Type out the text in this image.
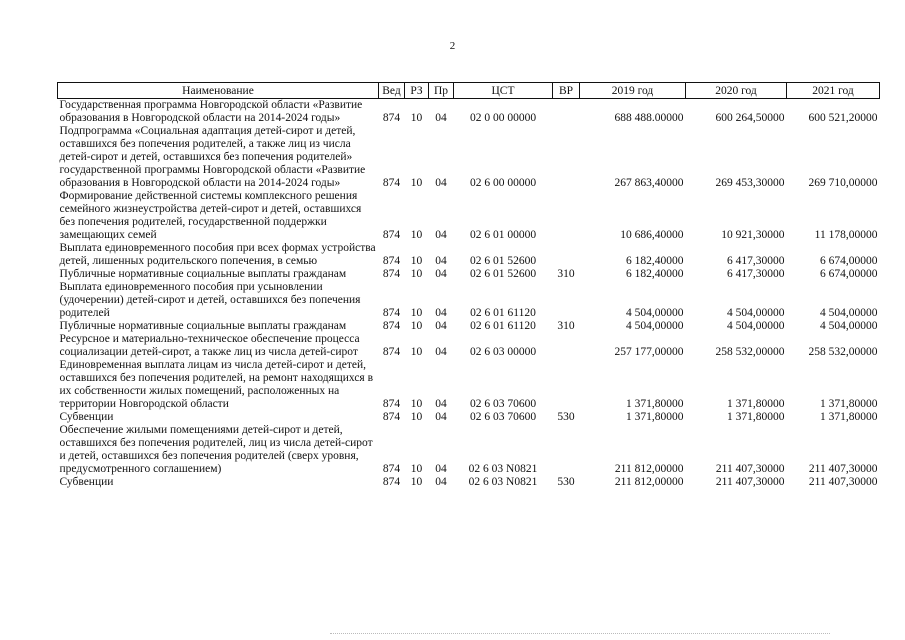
2
Наименование	Вед	РЗ	Пр	ЦСТ	ВР	2019 год	2020 год	2021 год
Государственная программа Новгородской области «Развитие образования в Новгородской области на 2014-2024 годы»	874	10	04	02 0 00 00000		688 488.00000	600 264,50000	600 521,20000
Подпрограмма «Социальная адаптация детей-сирот и детей, оставшихся без попечения родителей, а также лиц из числа детей-сирот и детей, оставшихся без попечения родителей» государственной программы Новгородской области «Развитие образования в Новгородской области на 2014-2024 годы»	874	10	04	02 6 00 00000		267 863,40000	269 453,30000	269 710,00000
Формирование действенной системы комплексного решения семейного жизнеустройства детей-сирот и детей, оставшихся без попечения родителей, государственной поддержки замещающих семей	874	10	04	02 6 01 00000		10 686,40000	10 921,30000	11 178,00000
Выплата единовременного пособия при всех формах устройства детей, лишенных родительского попечения, в семью	874	10	04	02 6 01 52600		6 182,40000	6 417,30000	6 674,00000
Публичные нормативные социальные выплаты гражданам	874	10	04	02 6 01 52600	310	6 182,40000	6 417,30000	6 674,00000
Выплата единовременного пособия при усыновлении (удочерении) детей-сирот и детей, оставшихся без попечения родителей	874	10	04	02 6 01 61120		4 504,00000	4 504,00000	4 504,00000
Публичные нормативные социальные выплаты гражданам	874	10	04	02 6 01 61120	310	4 504,00000	4 504,00000	4 504,00000
Ресурсное и материально-техническое обеспечение процесса социализации детей-сирот, а также лиц из числа детей-сирот	874	10	04	02 6 03 00000		257 177,00000	258 532,00000	258 532,00000
Единовременная выплата лицам из числа детей-сирот и детей, оставшихся без попечения родителей, на ремонт находящихся в их собственности жилых помещений, расположенных на территории Новгородской области	874	10	04	02 6 03 70600		1 371,80000	1 371,80000	1 371,80000
Субвенции	874	10	04	02 6 03 70600	530	1 371,80000	1 371,80000	1 371,80000
Обеспечение жилыми помещениями детей-сирот и детей, оставшихся без попечения родителей, лиц из числа детей-сирот и детей, оставшихся без попечения родителей (сверх уровня, предусмотренного соглашением)	874	10	04	02 6 03 N0821		211 812,00000	211 407,30000	211 407,30000
Субвенции	874	10	04	02 6 03 N0821	530	211 812,00000	211 407,30000	211 407,30000
